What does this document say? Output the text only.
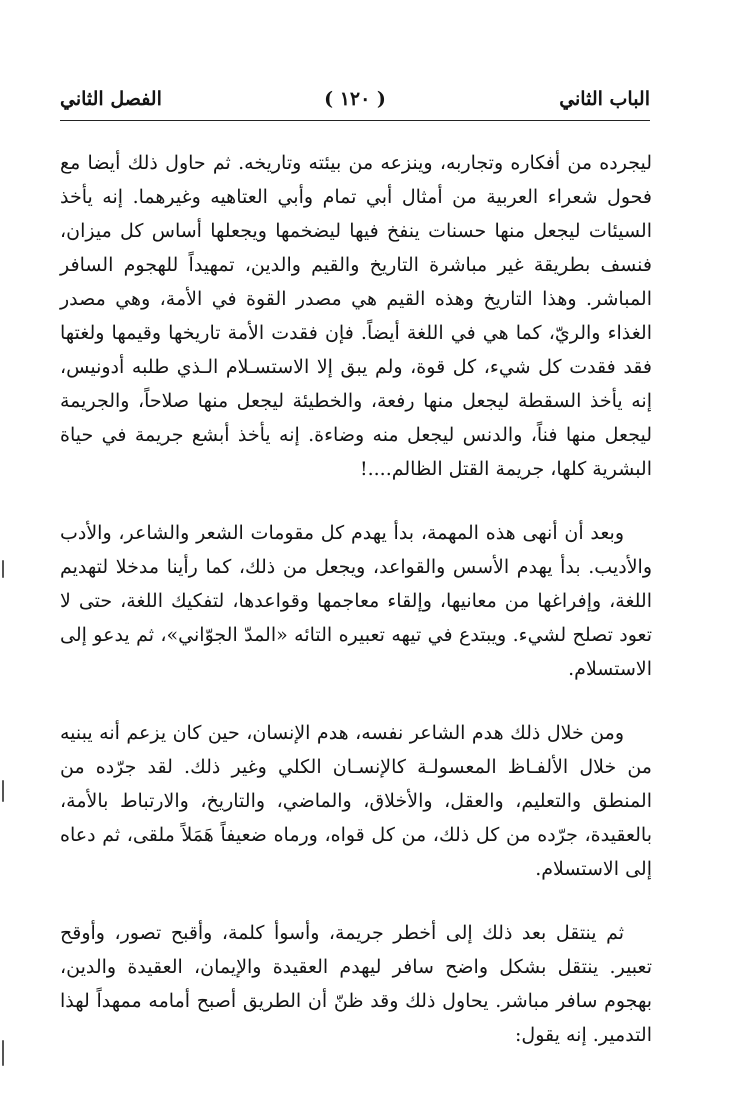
الباب الثاني
( ١٢٠ )
الفصل الثاني

ليجرده من أفكاره وتجاربه، وينزعه من بيئته وتاريخه. ثم حاول ذلك أيضا مع فحول شعراء العربية من أمثال أبي تمام وأبي العتاهيه وغيرهما. إنه يأخذ السيئات ليجعل منها حسنات ينفخ فيها ليضخمها ويجعلها أساس كل ميزان، فنسف بطريقة غير مباشرة التاريخ والقيم والدين، تمهيداً للهجوم السافر المباشر. وهذا التاريخ وهذه القيم هي مصدر القوة في الأمة، وهي مصدر الغذاء والريّ، كما هي في اللغة أيضاً. فإن فقدت الأمة تاريخها وقيمها ولغتها فقد فقدت كل شيء، كل قوة، ولم يبق إلا الاستسـلام الـذي طلبه أدونيس، إنه يأخذ السقطة ليجعل منها رفعة، والخطيئة ليجعل منها صلاحاً، والجريمة ليجعل منها فناً، والدنس ليجعل منه وضاءة. إنه يأخذ أبشع جريمة في حياة البشرية كلها، جريمة القتل الظالم....!

وبعد أن أنهى هذه المهمة، بدأ يهدم كل مقومات الشعر والشاعر، والأدب والأديب. بدأ يهدم الأسس والقواعد، ويجعل من ذلك، كما رأينا مدخلا لتهديم اللغة، وإفراغها من معانيها، وإلقاء معاجمها وقواعدها، لتفكيك اللغة، حتى لا تعود تصلح لشيء. ويبتدع في تيهه تعبيره التائه «المدّ الجوّاني»، ثم يدعو إلى الاستسلام.

ومن خلال ذلك هدم الشاعر نفسه، هدم الإنسان، حين كان يزعم أنه يبنيه من خلال الألفـاظ المعسولـة كالإنسـان الكلي وغير ذلك. لقد جرّده من المنطق والتعليم، والعقل، والأخلاق، والماضي، والتاريخ، والارتباط بالأمة، بالعقيدة، جرّده من كل ذلك، من كل قواه، ورماه ضعيفاً هَمَلاً ملقى، ثم دعاه إلى الاستسلام.

ثم ينتقل بعد ذلك إلى أخطر جريمة، وأسوأ كلمة، وأقبح تصور، وأوقح تعبير. ينتقل بشكل واضح سافر ليهدم العقيدة والإيمان، العقيدة والدين، بهجوم سافر مباشر. يحاول ذلك وقد ظنّ أن الطريق أصبح أمامه ممهداً لهذا التدمير. إنه يقول:
